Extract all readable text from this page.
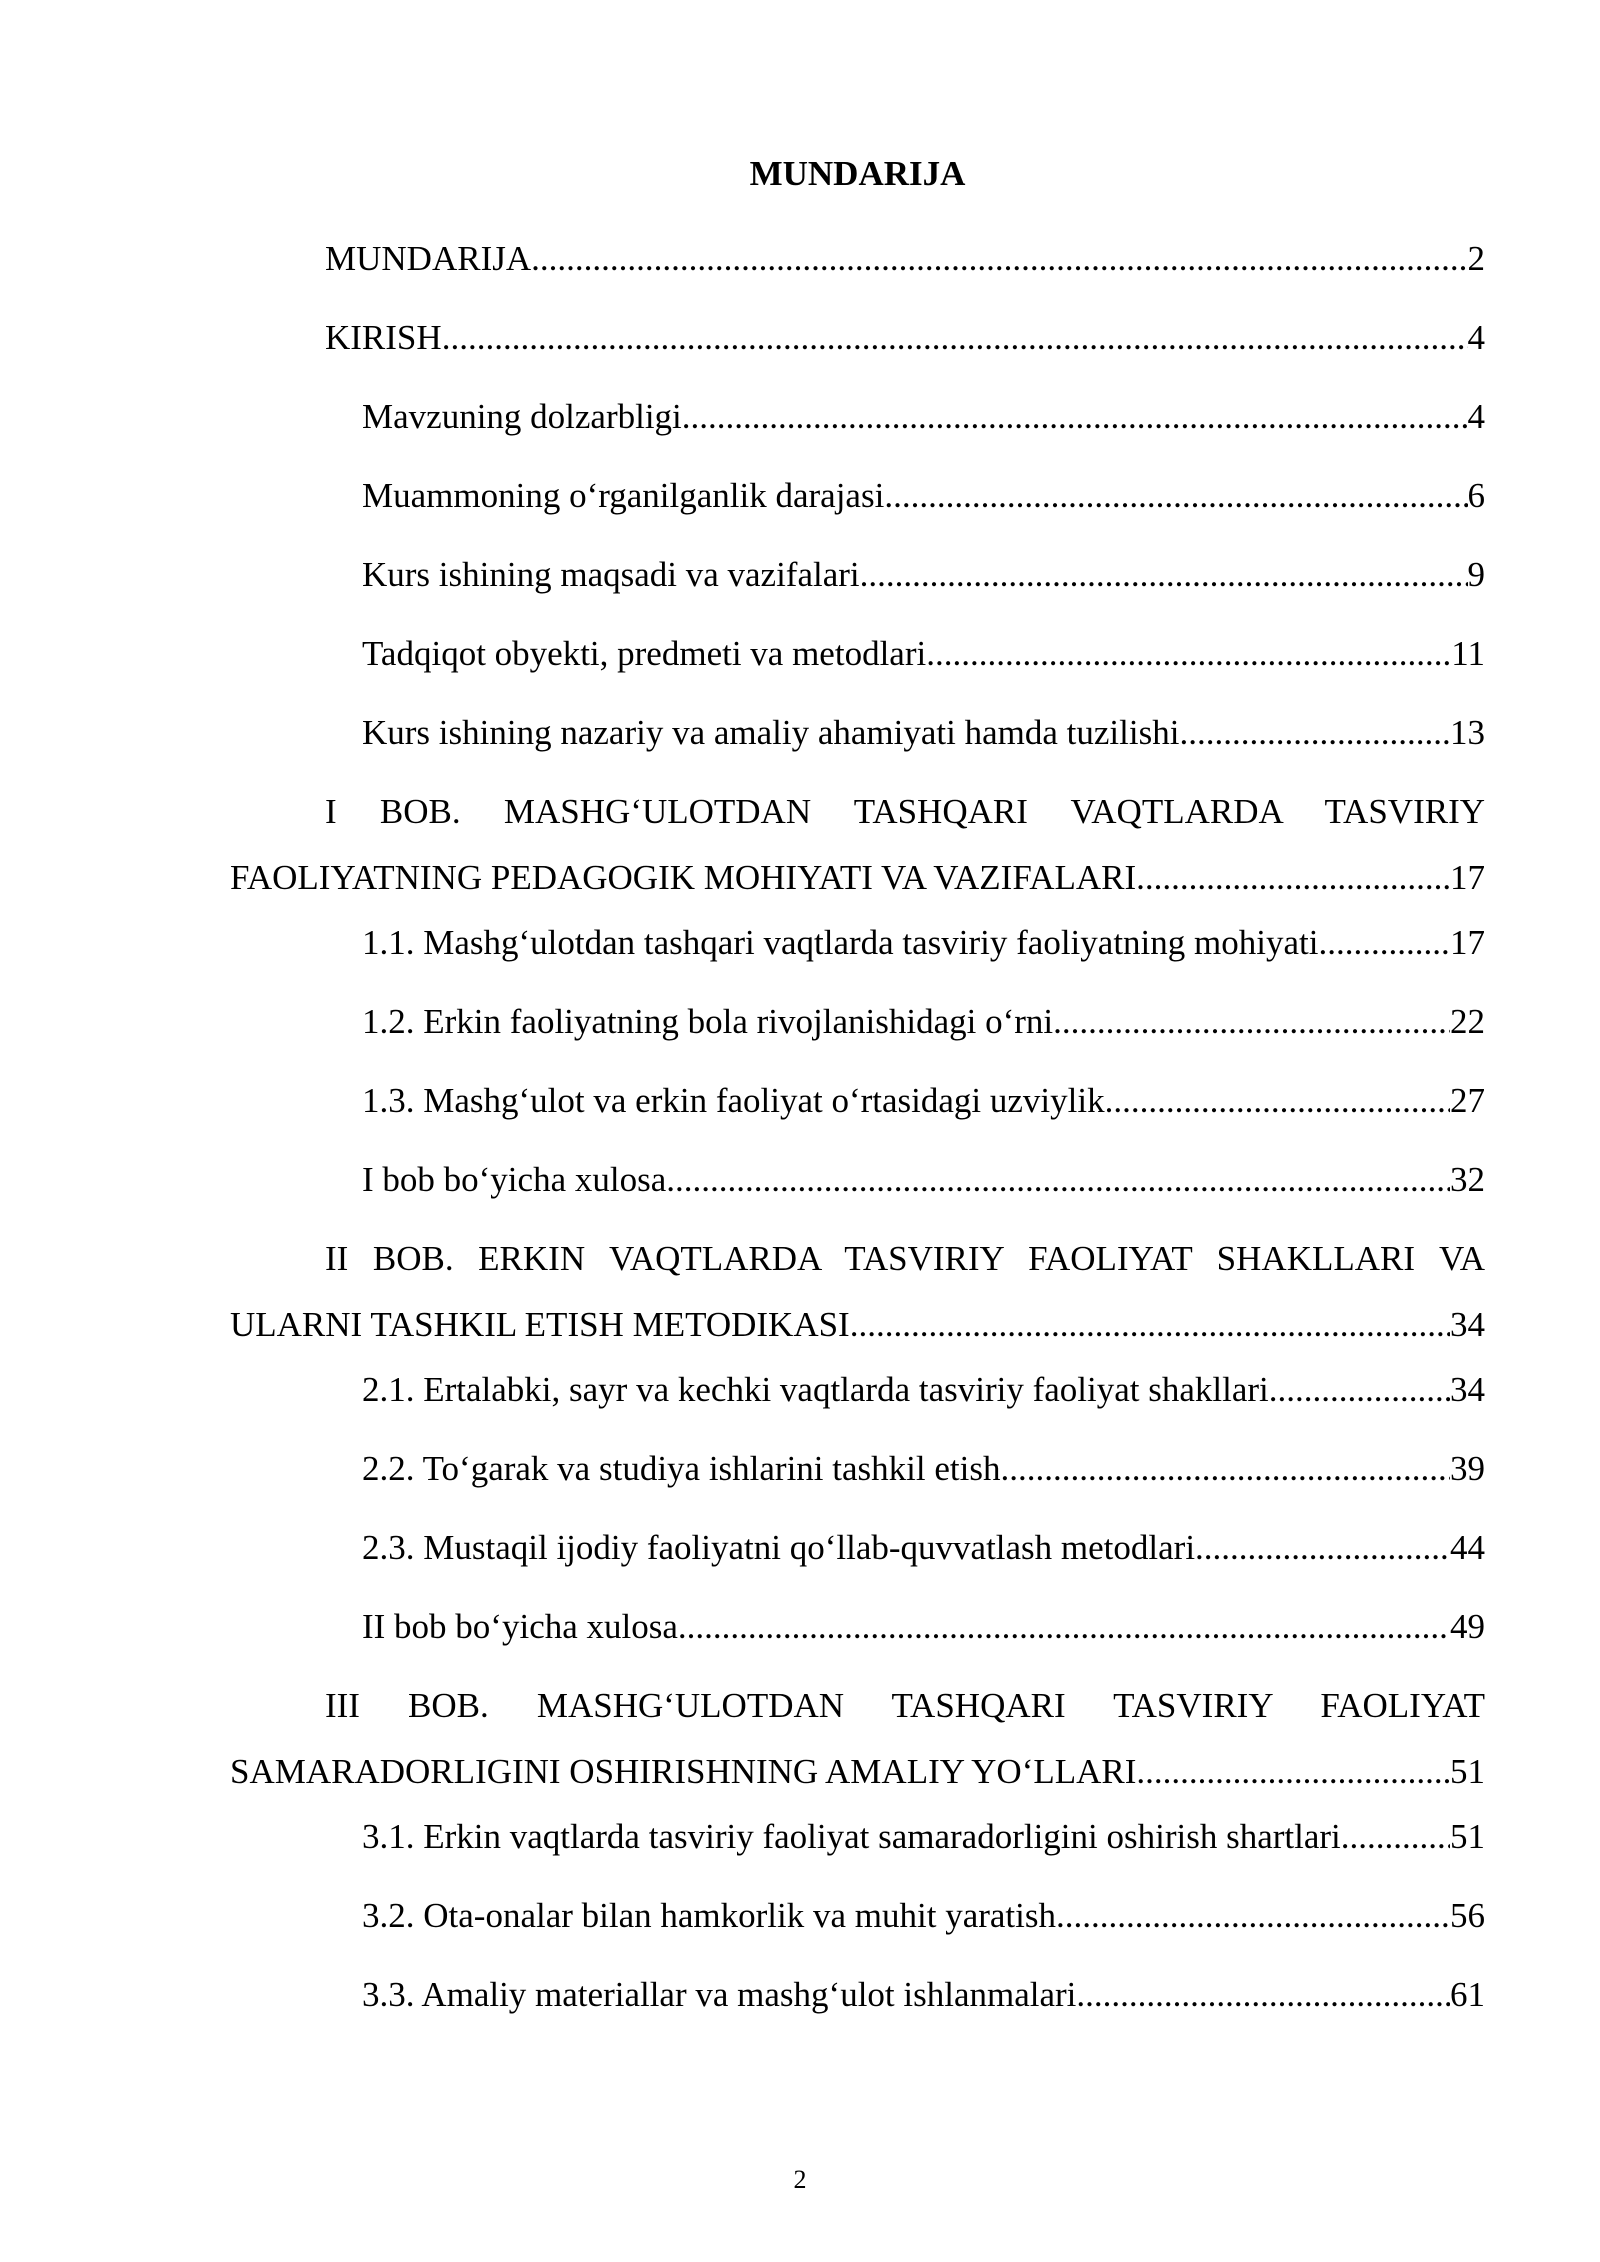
MUNDARIJA
MUNDARIJA .....	2
KIRISH .....	4
Mavzuning dolzarbligi .....	4
Muammoning o‘rganilganlik darajasi .....	6
Kurs ishining maqsadi va vazifalari .....	9
Tadqiqot obyekti, predmeti va metodlari .....	11
Kurs ishining nazariy va amaliy ahamiyati hamda tuzilishi .....	13
I BOB. MASHG‘ULOTDAN TASHQARI VAQTLARDA TASVIRIY
FAOLIYATNING PEDAGOGIK MOHIYATI VA VAZIFALARI .....	17
1.1. Mashg‘ulotdan tashqari vaqtlarda tasviriy faoliyatning mohiyati .....	17
1.2. Erkin faoliyatning bola rivojlanishidagi o‘rni .....	22
1.3. Mashg‘ulot va erkin faoliyat o‘rtasidagi uzviylik .....	27
I bob bo‘yicha xulosa .....	32
II BOB. ERKIN VAQTLARDA TASVIRIY FAOLIYAT SHAKLLARI VA
ULARNI TASHKIL ETISH METODIKASI .....	34
2.1. Ertalabki, sayr va kechki vaqtlarda tasviriy faoliyat shakllari .....	34
2.2. To‘garak va studiya ishlarini tashkil etish .....	39
2.3. Mustaqil ijodiy faoliyatni qo‘llab-quvvatlash metodlari .....	44
II bob bo‘yicha xulosa .....	49
III BOB. MASHG‘ULOTDAN TASHQARI TASVIRIY FAOLIYAT
SAMARADORLIGINI OSHIRISHNING AMALIY YO‘LLARI .....	51
3.1. Erkin vaqtlarda tasviriy faoliyat samaradorligini oshirish shartlari .....	51
3.2. Ota-onalar bilan hamkorlik va muhit yaratish .....	56
3.3. Amaliy materiallar va mashg‘ulot ishlanmalari .....	61
2
